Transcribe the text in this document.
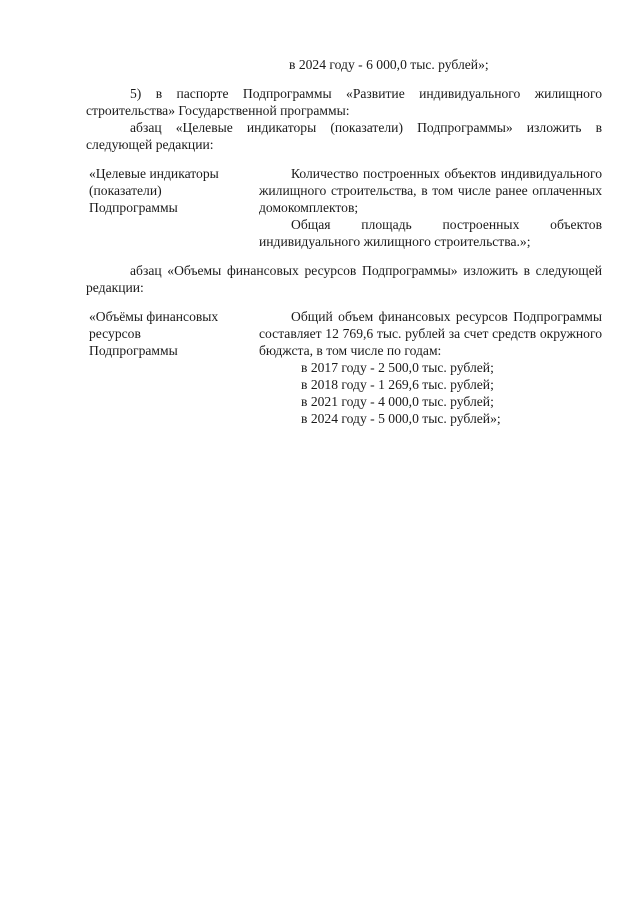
в 2024 году - 6 000,0 тыс. рублей»;

5) в паспорте Подпрограммы «Развитие индивидуального жилищного строительства» Государственной программы:

абзац «Целевые индикаторы (показатели) Подпрограммы» изложить в следующей редакции:

«Целевые индикаторы
(показатели)
Подпрограммы

Количество построенных объектов индивидуального жилищного строительства, в том числе ранее оплаченных домокомплектов;

Общая площадь построенных объектов индивидуального жилищного строительства.»;

абзац «Объемы финансовых ресурсов Подпрограммы» изложить в следующей редакции:

«Объёмы финансовых
ресурсов
Подпрограммы

Общий объем финансовых ресурсов Подпрограммы составляет 12 769,6 тыс. рублей за счет средств окружного бюджста, в том числе по годам:

в 2017 году - 2 500,0 тыс. рублей;
в 2018 году - 1 269,6 тыс. рублей;
в 2021 году - 4 000,0 тыс. рублей;
в 2024 году - 5 000,0 тыс. рублей»;
